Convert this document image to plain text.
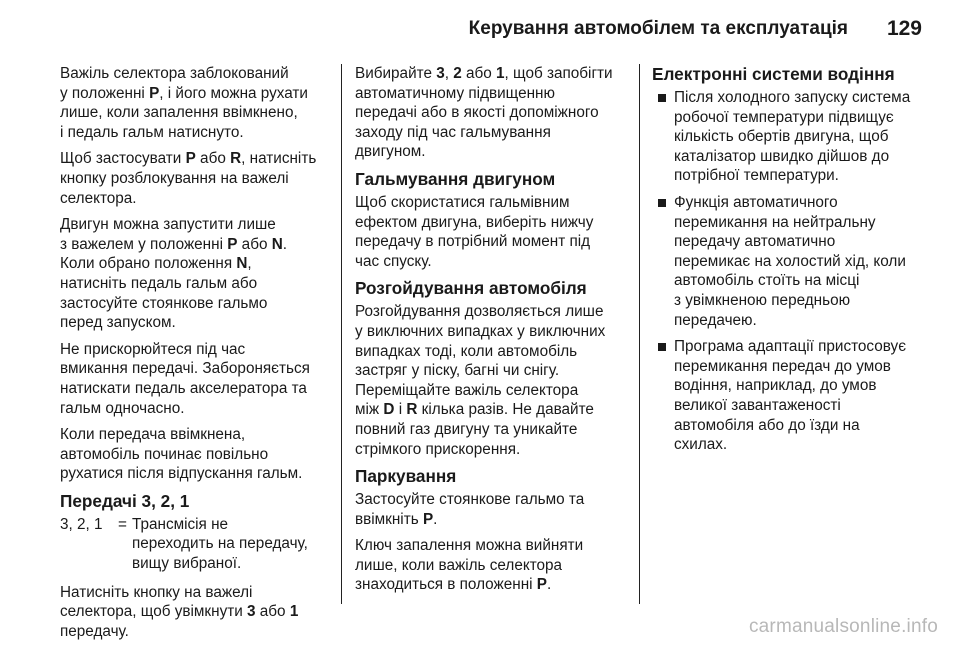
Керування автомобілем та експлуатація 129

Важіль селектора заблокований
у положенні P, і його можна рухати
лише, коли запалення ввімкнено,
і педаль гальм натиснуто.

Щоб застосувати P або R, натисніть
кнопку розблокування на важелі
селектора.

Двигун можна запустити лише
з важелем у положенні P або N.
Коли обрано положення N,
натисніть педаль гальм або
застосуйте стоянкове гальмо
перед запуском.

Не прискорюйтеся під час
вмикання передачі. Забороняється
натискати педаль акселератора та
гальм одночасно.

Коли передача ввімкнена,
автомобіль починає повільно
рухатися після відпускання гальм.

Передачі 3, 2, 1
3, 2, 1	= Трансмісія не
переходить на передачу,
вищу вибраної.

Натисніть кнопку на важелі
селектора, щоб увімкнути 3 або 1
передачу.

Вибирайте 3, 2 або 1, щоб запобігти
автоматичному підвищенню
передачі або в якості допоміжного
заходу під час гальмування
двигуном.

Гальмування двигуном

Щоб скористатися гальмівним
ефектом двигуна, виберіть нижчу
передачу в потрібний момент під
час спуску.

Розгойдування автомобіля

Розгойдування дозволяється лише
у виключних випадках у виключних
випадках тоді, коли автомобіль
застряг у піску, багні чи снігу.
Переміщайте важіль селектора
між D і R кілька разів. Не давайте
повний газ двигуну та уникайте
стрімкого прискорення.

Паркування

Застосуйте стоянкове гальмо та
ввімкніть P.

Ключ запалення можна вийняти
лише, коли важіль селектора
знаходиться в положенні P.

Електронні системи водіння
Після холодного запуску система
робочої температури підвищує
кількість обертів двигуна, щоб
каталізатор швидко дійшов до
потрібної температури.
Функція автоматичного
перемикання на нейтральну
передачу автоматично
перемикає на холостий хід, коли
автомобіль стоїть на місці
з увімкненою передньою
передачею.
Програма адаптації пристосовує
перемикання передач до умов
водіння, наприклад, до умов
великої завантаженості
автомобіля або до їзди на
схилах.
carmanualsonline.info
